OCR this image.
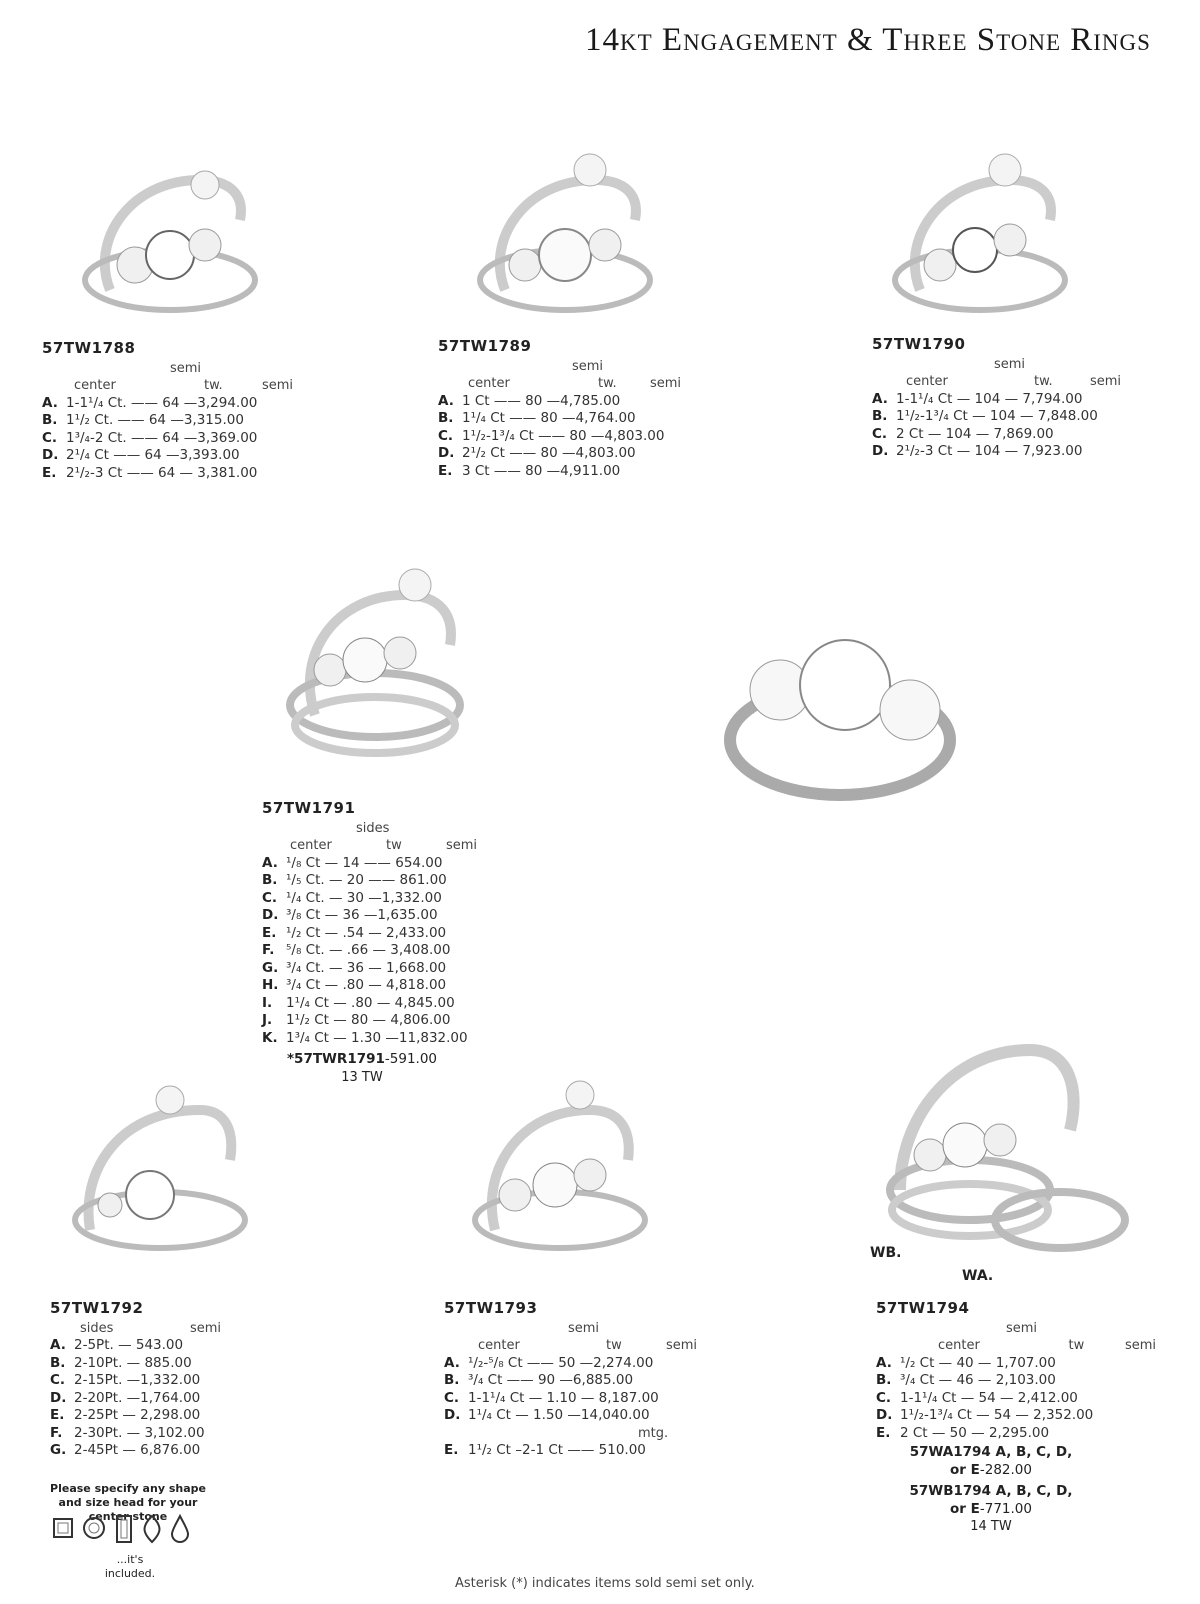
14kt Engagement & Three Stone Rings
57TW1788
semi
center	tw.	semi
A. 1-1¹/₄ Ct. —— 64 —3,294.00
B. 1¹/₂ Ct. —— 64 —3,315.00
C. 1³/₄-2 Ct. —— 64 —3,369.00
D. 2¹/₄ Ct —— 64 —3,393.00
E. 2¹/₂-3 Ct —— 64 — 3,381.00
57TW1789
semi
center	tw.	semi
A. 1 Ct —— 80 —4,785.00
B. 1¹/₄ Ct —— 80 —4,764.00
C. 1¹/₂-1³/₄ Ct —— 80 —4,803.00
D. 2¹/₂ Ct —— 80 —4,803.00
E. 3 Ct —— 80 —4,911.00
57TW1790
semi
center	tw.	semi
A. 1-1¹/₄ Ct — 104 — 7,794.00
B. 1¹/₂-1³/₄ Ct — 104 — 7,848.00
C. 2 Ct — 104 — 7,869.00
D. 2¹/₂-3 Ct — 104 — 7,923.00
57TW1791
sides
center	tw	semi
A. ¹/₈ Ct — 14 —— 654.00
B. ¹/₅ Ct. — 20 —— 861.00
C. ¹/₄ Ct. — 30 —1,332.00
D. ³/₈ Ct — 36 —1,635.00
E. ¹/₂ Ct — .54 — 2,433.00
F. ⁵/₈ Ct. — .66 — 3,408.00
G. ³/₄ Ct. — 36 — 1,668.00
H. ³/₄ Ct — .80 — 4,818.00
I.	1¹/₄ Ct — .80 — 4,845.00
J.	1¹/₂ Ct — 80 — 4,806.00
K. 1³/₄ Ct — 1.30 —11,832.00
*57TWR1791-591.00
13 TW
57TW1792
sides	semi
A. 2-5Pt. — 543.00
B. 2-10Pt. — 885.00
C. 2-15Pt. —1,332.00
D. 2-20Pt. —1,764.00
E. 2-25Pt — 2,298.00
F. 2-30Pt. — 3,102.00
G. 2-45Pt — 6,876.00
Please specify any shape and size head for your center stone
...it's included.
57TW1793
semi
center	tw	semi
A. ¹/₂-⁵/₈ Ct —— 50 —2,274.00
B. ³/₄ Ct —— 90 —6,885.00
C. 1-1¹/₄ Ct — 1.10 — 8,187.00
D. 1¹/₄ Ct — 1.50 —14,040.00
mtg.
E. 1¹/₂ Ct –2-1 Ct —— 510.00
WB.
WA.
57TW1794
semi
center	tw	semi
A. ¹/₂ Ct — 40 — 1,707.00
B. ³/₄ Ct — 46 — 2,103.00
C. 1-1¹/₄ Ct — 54 — 2,412.00
D. 1¹/₂-1³/₄ Ct — 54 — 2,352.00
E. 2 Ct — 50 — 2,295.00
57WA1794 A, B, C, D,
or E-282.00
57WB1794 A, B, C, D,
or E-771.00
14 TW
Asterisk (*) indicates items sold semi set only.
